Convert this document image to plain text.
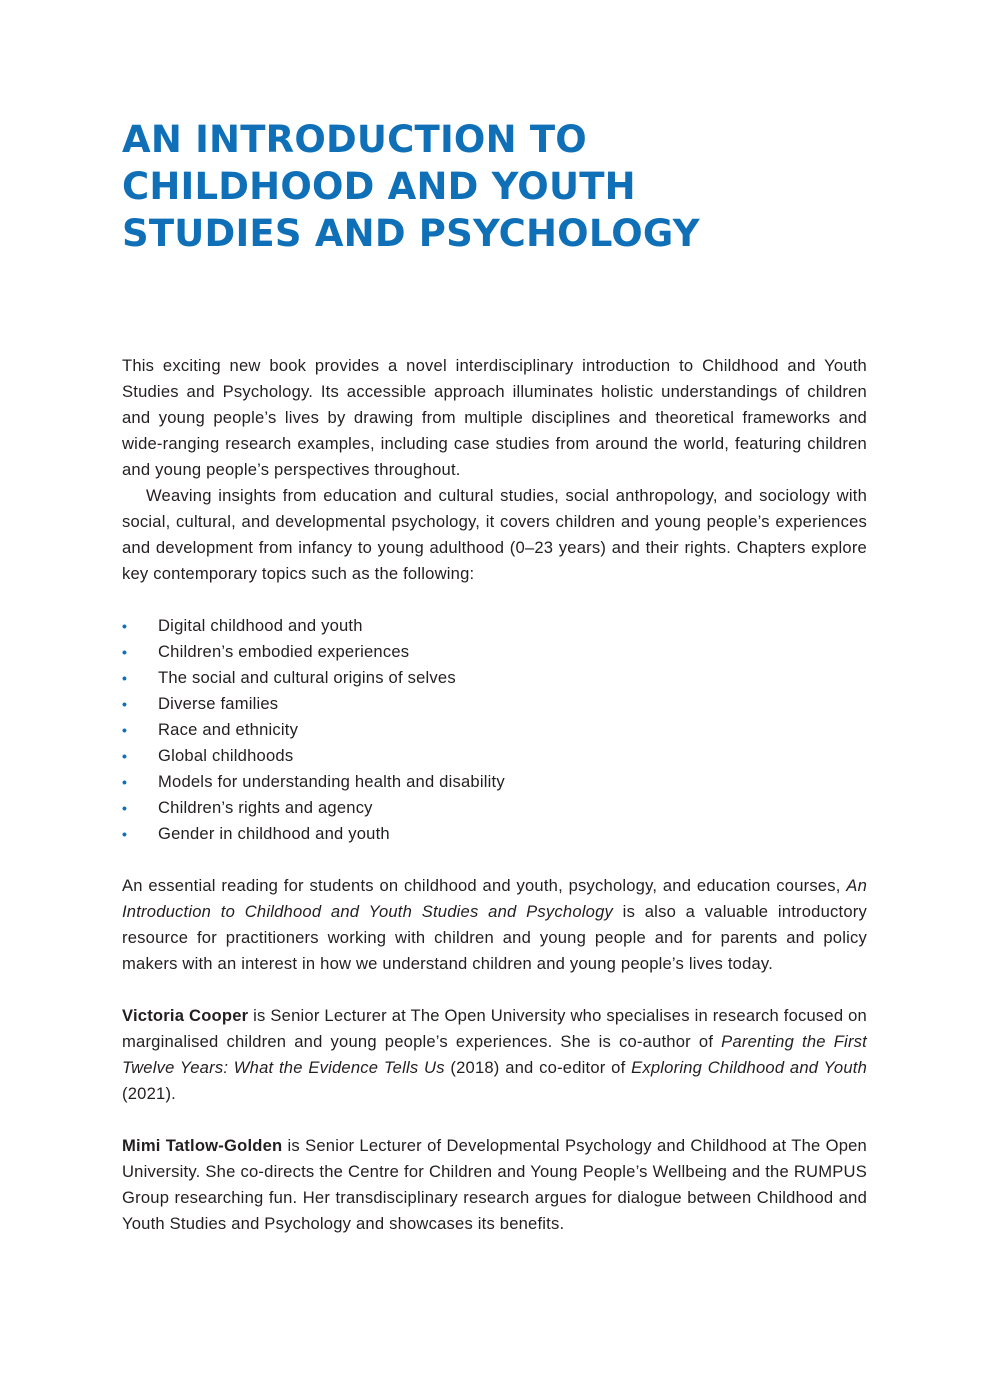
AN INTRODUCTION TO
CHILDHOOD AND YOUTH
STUDIES AND PSYCHOLOGY

This exciting new book provides a novel interdisciplinary introduction to Childhood and Youth Studies and Psychology. Its accessible approach illuminates holistic understandings of children and young people’s lives by drawing from multiple disciplines and theoretical frameworks and wide-ranging research examples, including case studies from around the world, featuring children and young people’s perspectives throughout.

Weaving insights from education and cultural studies, social anthropology, and sociology with social, cultural, and developmental psychology, it covers children and young people’s experiences and development from infancy to young adulthood (0–23 years) and their rights. Chapters explore key contemporary topics such as the following:

• Digital childhood and youth
• Children’s embodied experiences
• The social and cultural origins of selves
• Diverse families
• Race and ethnicity
• Global childhoods
• Models for understanding health and disability
• Children’s rights and agency
• Gender in childhood and youth

An essential reading for students on childhood and youth, psychology, and education courses, An Introduction to Childhood and Youth Studies and Psychology is also a valuable introductory resource for practitioners working with children and young people and for parents and policy makers with an interest in how we understand children and young people’s lives today.

Victoria Cooper is Senior Lecturer at The Open University who specialises in research focused on marginalised children and young people’s experiences. She is co-author of Parenting the First Twelve Years: What the Evidence Tells Us (2018) and co-editor of Exploring Childhood and Youth (2021).

Mimi Tatlow-Golden is Senior Lecturer of Developmental Psychology and Childhood at The Open University. She co-directs the Centre for Children and Young People’s Wellbeing and the RUMPUS Group researching fun. Her transdisciplinary research argues for dialogue between Childhood and Youth Studies and Psychology and showcases its benefits.
